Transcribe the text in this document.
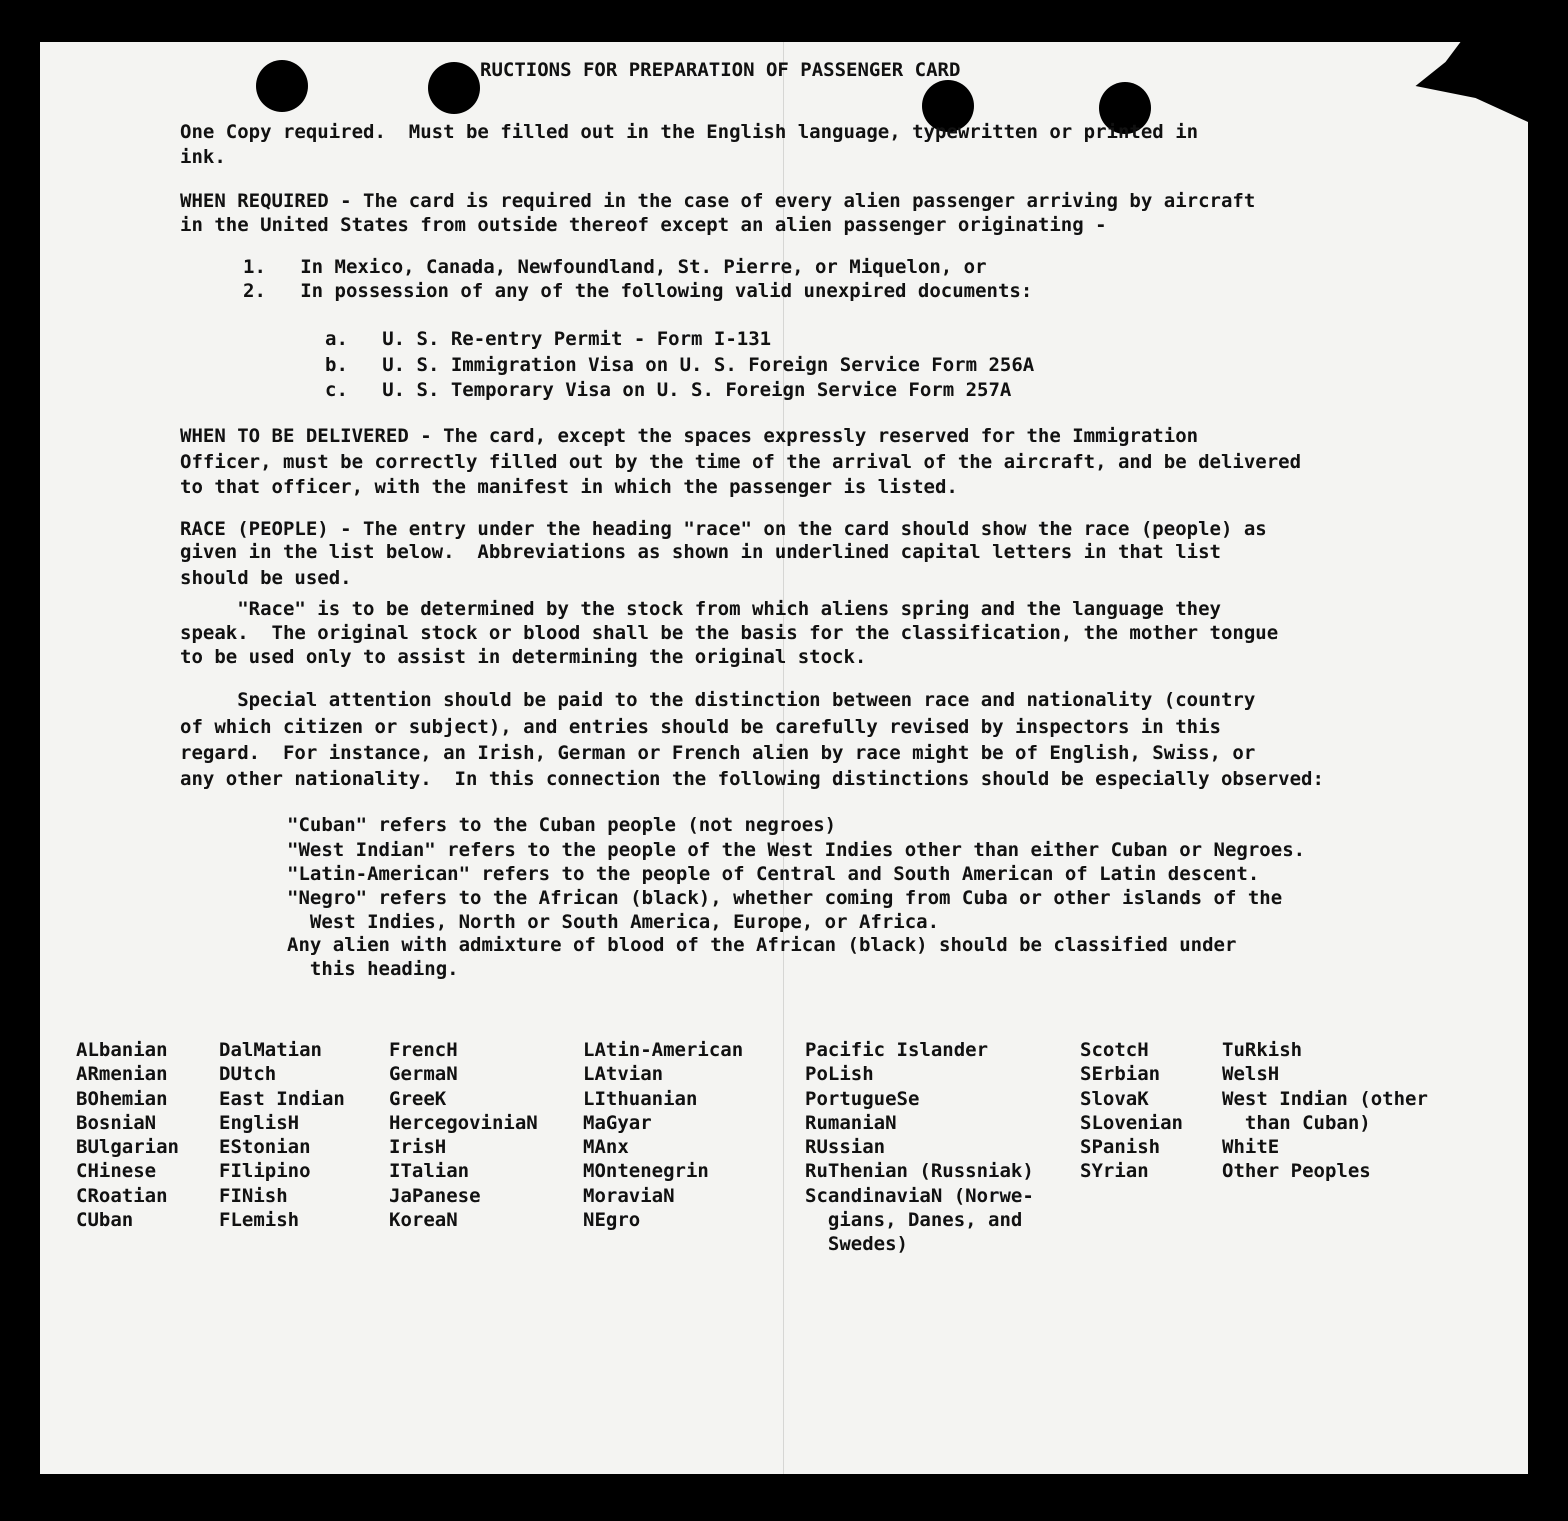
RUCTIONS FOR PREPARATION OF PASSENGER CARD

One Copy required.  Must be filled out in the English language, typewritten or printed in

ink.

WHEN REQUIRED - The card is required in the case of every alien passenger arriving by aircraft

in the United States from outside thereof except an alien passenger originating -

1.   In Mexico, Canada, Newfoundland, St. Pierre, or Miquelon, or

2.   In possession of any of the following valid unexpired documents:

a.   U. S. Re-entry Permit - Form I-131

b.   U. S. Immigration Visa on U. S. Foreign Service Form 256A

c.   U. S. Temporary Visa on U. S. Foreign Service Form 257A

WHEN TO BE DELIVERED - The card, except the spaces expressly reserved for the Immigration

Officer, must be correctly filled out by the time of the arrival of the aircraft, and be delivered

to that officer, with the manifest in which the passenger is listed.

RACE (PEOPLE) - The entry under the heading "race" on the card should show the race (people) as

given in the list below.  Abbreviations as shown in underlined capital letters in that list

should be used.

"Race" is to be determined by the stock from which aliens spring and the language they

speak.  The original stock or blood shall be the basis for the classification, the mother tongue

to be used only to assist in determining the original stock.

Special attention should be paid to the distinction between race and nationality (country

of which citizen or subject), and entries should be carefully revised by inspectors in this

regard.  For instance, an Irish, German or French alien by race might be of English, Swiss, or

any other nationality.  In this connection the following distinctions should be especially observed:

"Cuban" refers to the Cuban people (not negroes)

"West Indian" refers to the people of the West Indies other than either Cuban or Negroes.

"Latin-American" refers to the people of Central and South American of Latin descent.

"Negro" refers to the African (black), whether coming from Cuba or other islands of the

West Indies, North or South America, Europe, or Africa.

Any alien with admixture of blood of the African (black) should be classified under

this heading.

ALbanian
ARmenian
BOhemian
BosniaN
BUlgarian
CHinese
CRoatian
CUban
DalMatian
DUtch
East Indian
EnglisH
EStonian
FIlipino
FINish
FLemish
FrencH
GermaN
GreeK
HercegoviniaN
IrisH
ITalian
JaPanese
KoreaN
LAtin-American
LAtvian
LIthuanian
MaGyar
MAnx
MOntenegrin
MoraviaN
NEgro
Pacific Islander
PoLish
PortugueSe
RumaniaN
RUssian
RuThenian (Russniak)
ScandinaviaN (Norwe-
gians, Danes, and
Swedes)
ScotcH
SErbian
SlovaK
SLovenian
SPanish
SYrian
TuRkish
WelsH
West Indian (other
than Cuban)
WhitE
Other Peoples
